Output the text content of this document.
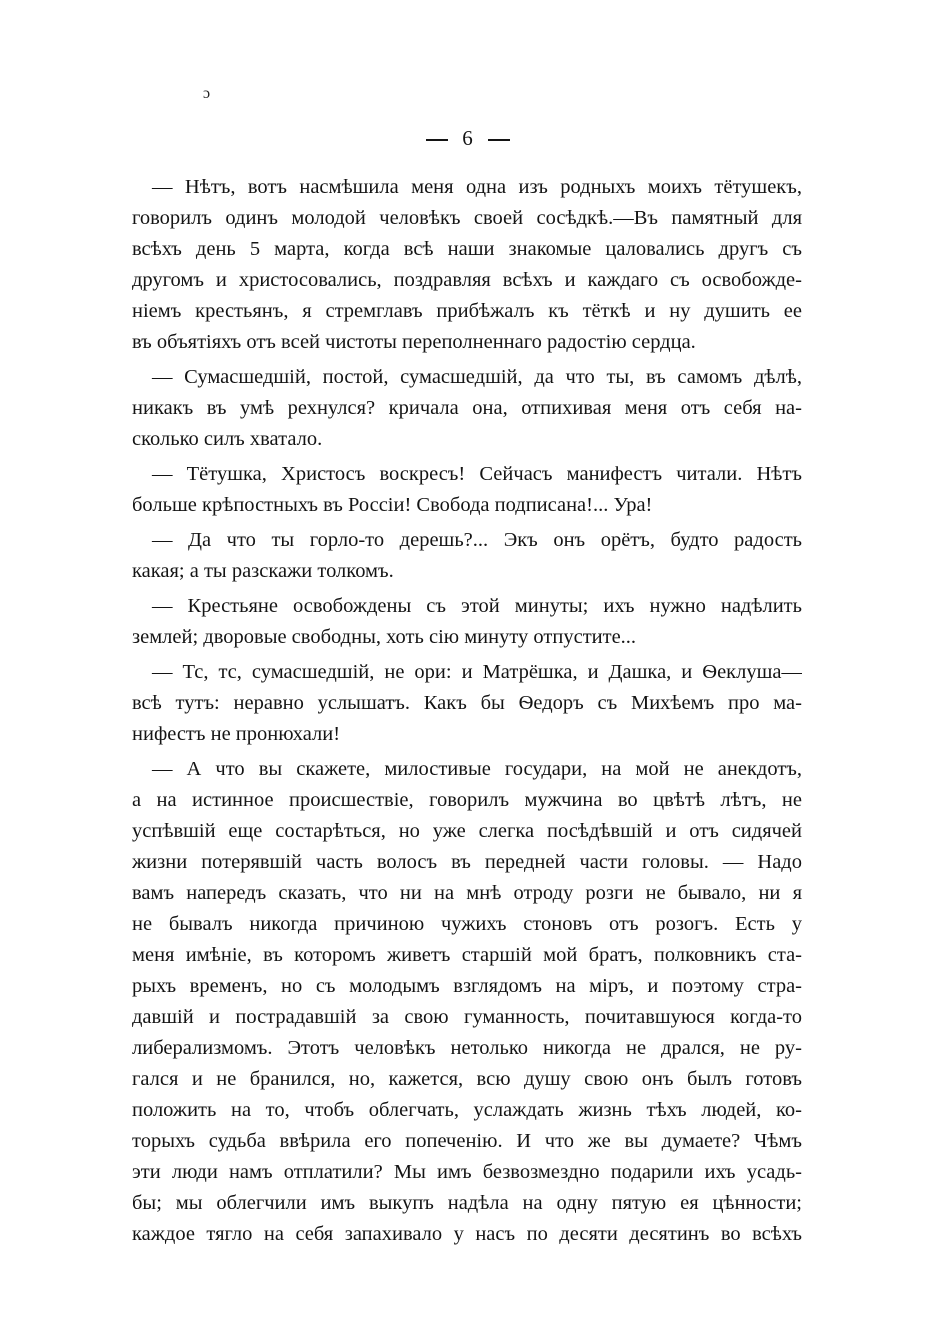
ɔ
6
— Нѣтъ, вотъ насмѣшила меня одна изъ родныхъ моихъ тётушекъ,
говорилъ одинъ молодой человѣкъ своей сосѣдкѣ.—Въ памятный для
всѣхъ день 5 марта, когда всѣ наши знакомые цаловались другъ съ
другомъ и христосовались, поздравляя всѣхъ и каждаго съ освобожде-
ніемъ крестьянъ, я стремглавъ прибѣжалъ къ тёткѣ и ну душить ее
въ объятіяхъ отъ всей чистоты переполненнаго радостію сердца.
— Сумасшедшій, постой, сумасшедшій, да что ты, въ самомъ дѣлѣ,
никакъ въ умѣ рехнулся? кричала она, отпихивая меня отъ себя на-
сколько силъ хватало.
— Тётушка, Христосъ воскресъ! Сейчасъ манифестъ читали. Нѣтъ
больше крѣпостныхъ въ Россіи! Свобода подписана!... Ура!
— Да что ты горло-то дерешь?... Экъ онъ орётъ, будто радость
какая; а ты разскажи толкомъ.
— Крестьяне освобождены съ этой минуты; ихъ нужно надѣлить
землей; дворовые свободны, хоть сію минуту отпустите...
— Тс, тс, сумасшедшій, не ори: и Матрёшка, и Дашка, и Ѳеклуша—
всѣ тутъ: неравно услышатъ. Какъ бы Ѳедоръ съ Михѣемъ про ма-
нифестъ не пронюхали!
— А что вы скажете, милостивые государи, на мой не анекдотъ,
а на истинное происшествіе, говорилъ мужчина во цвѣтѣ лѣтъ, не
успѣвшій еще состарѣться, но уже слегка посѣдѣвшій и отъ сидячей
жизни потерявшій часть волосъ въ передней части головы. — Надо
вамъ напередъ сказать, что ни на мнѣ отроду розги не бывало, ни я
не бывалъ никогда причиною чужихъ стоновъ отъ розогъ. Есть у
меня имѣніе, въ которомъ живетъ старшій мой братъ, полковникъ ста-
рыхъ временъ, но съ молодымъ взглядомъ на міръ, и поэтому стра-
давшій и пострадавшій за свою гуманность, почитавшуюся когда-то
либерализмомъ. Этотъ человѣкъ нетолько никогда не дрался, не ру-
гался и не бранился, но, кажется, всю душу свою онъ былъ готовъ
положить на то, чтобъ облегчать, услаждать жизнь тѣхъ людей, ко-
торыхъ судьба ввѣрила его попеченію. И что же вы думаете? Чѣмъ
эти люди намъ отплатили? Мы имъ безвозмездно подарили ихъ усадь-
бы; мы облегчили имъ выкупъ надѣла на одну пятую ея цѣнности;
каждое тягло на себя запахивало у насъ по десяти десятинъ во всѣхъ
